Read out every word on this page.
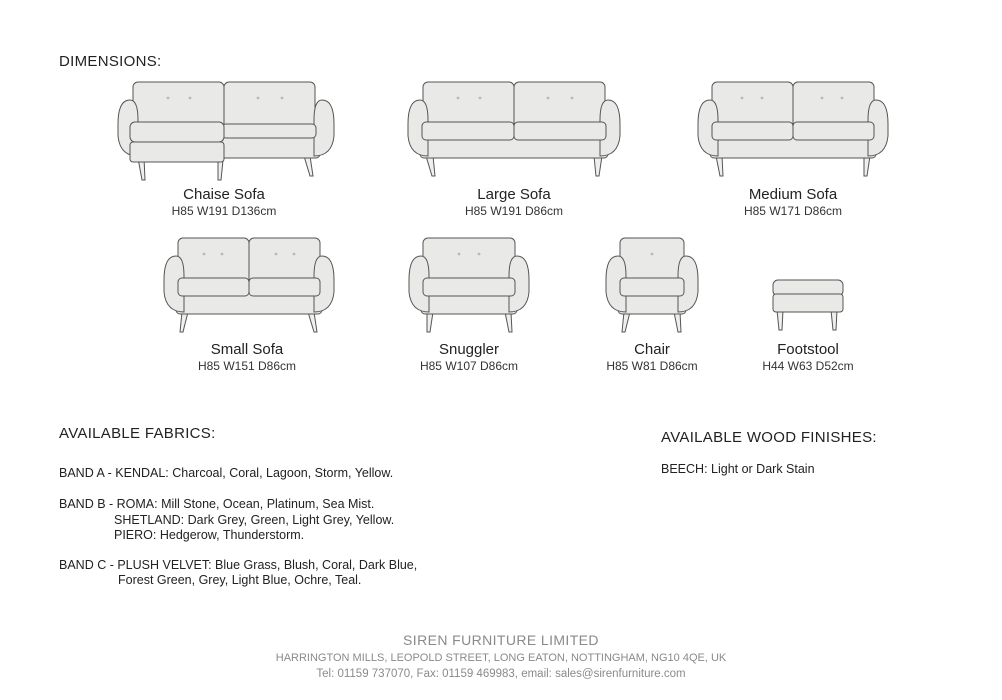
DIMENSIONS:
AVAILABLE FABRICS:	AVAILABLE WOOD FINISHES:
Chaise Sofa
H85 W191 D136cm
Large Sofa
H85 W191 D86cm
Medium Sofa
H85 W171 D86cm
Small Sofa
H85 W151 D86cm
Snuggler
H85 W107 D86cm
Chair
H85 W81 D86cm
Footstool
H44 W63 D52cm
BAND A - KENDAL: Charcoal, Coral, Lagoon, Storm, Yellow.
BAND B - ROMA: Mill Stone, Ocean, Platinum, Sea Mist.
SHETLAND: Dark Grey, Green, Light Grey, Yellow.
PIERO: Hedgerow, Thunderstorm.
BAND C - PLUSH VELVET: Blue Grass, Blush, Coral, Dark Blue,
Forest Green, Grey, Light Blue, Ochre, Teal.
BEECH: Light or Dark Stain
SIREN FURNITURE LIMITED
HARRINGTON MILLS, LEOPOLD STREET, LONG EATON, NOTTINGHAM, NG10 4QE, UK
Tel: 01159 737070, Fax: 01159 469983, email: sales@sirenfurniture.com
